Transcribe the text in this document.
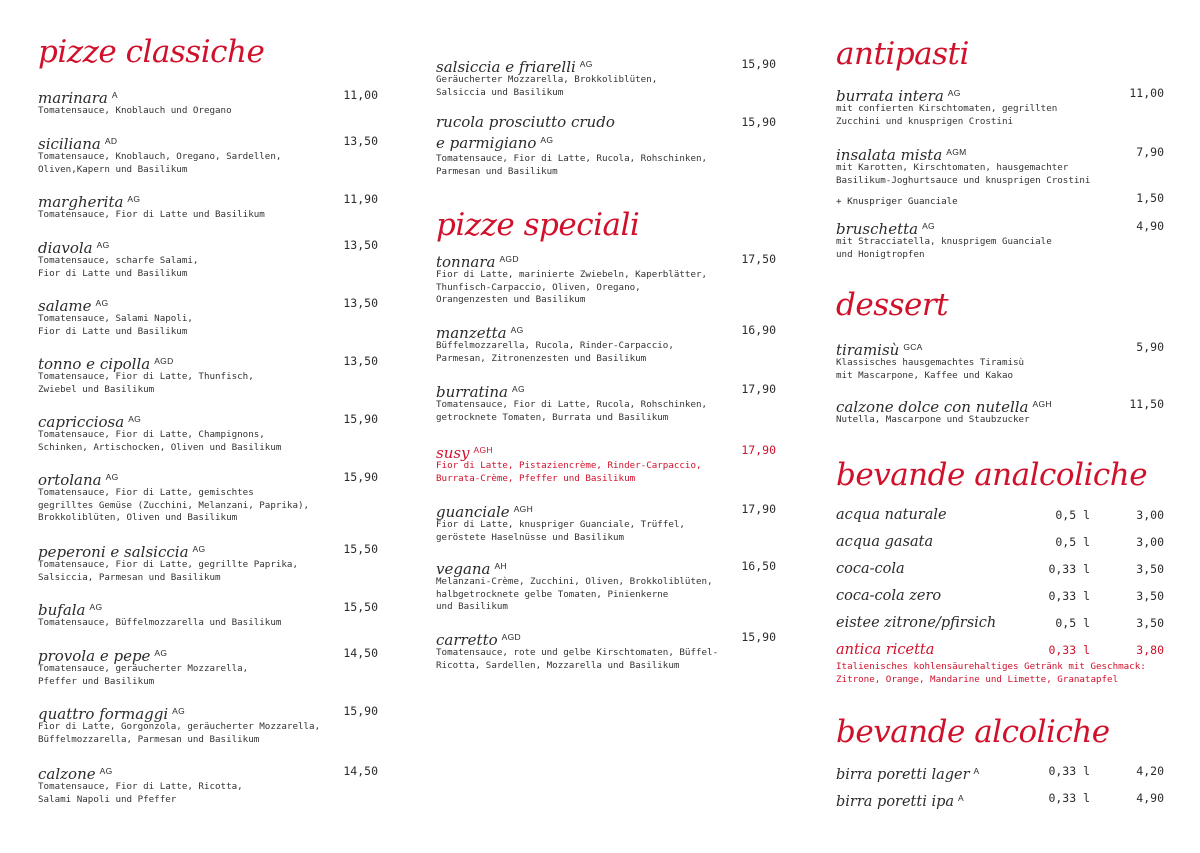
pizze classiche
marinara $^A$	11,00
Tomatensauce, Knoblauch und Oregano
siciliana $^{AD}$	13,50
Tomatensauce, Knoblauch, Oregano, Sardellen,
Oliven,Kapern und Basilikum
margherita $^{AG}$	11,90
Tomatensauce, Fior di Latte und Basilikum
diavola $^{AG}$	13,50
Tomatensauce, scharfe Salami,
Fior di Latte und Basilikum
salame $^{AG}$	13,50
Tomatensauce, Salami Napoli,
Fior di Latte und Basilikum
tonno e cipolla $^{AGD}$	13,50
Tomatensauce, Fior di Latte, Thunfisch,
Zwiebel und Basilikum
capricciosa $^{AG}$	15,90
Tomatensauce, Fior di Latte, Champignons,
Schinken, Artischocken, Oliven und Basilikum
ortolana $^{AG}$	15,90
Tomatensauce, Fior di Latte, gemischtes
gegrilltes Gemüse (Zucchini, Melanzani, Paprika),
Brokkoliblüten, Oliven und Basilikum
peperoni e salsiccia $^{AG}$	15,50
Tomatensauce, Fior di Latte, gegrillte Paprika,
Salsiccia, Parmesan und Basilikum
bufala $^{AG}$	15,50
Tomatensauce, Büffelmozzarella und Basilikum
provola e pepe $^{AG}$	14,50
Tomatensauce, geräucherter Mozzarella,
Pfeffer und Basilikum
quattro formaggi $^{AG}$	15,90
Fior di Latte, Gorgonzola, geräucherter Mozzarella,
Büffelmozzarella, Parmesan und Basilikum
calzone $^{AG}$	14,50
Tomatensauce, Fior di Latte, Ricotta,
Salami Napoli und Pfeffer
salsiccia e friarelli $^{AG}$	15,90
Geräucherter Mozzarella, Brokkoliblüten,
Salsiccia und Basilikum
rucola prosciutto crudo	15,90
e parmigiano $^{AG}$
Tomatensauce, Fior di Latte, Rucola, Rohschinken,
Parmesan und Basilikum
pizze speciali
tonnara $^{AGD}$	17,50
Fior di Latte, marinierte Zwiebeln, Kaperblätter,
Thunfisch-Carpaccio, Oliven, Oregano,
Orangenzesten und Basilikum
manzetta $^{AG}$	16,90
Büffelmozzarella, Rucola, Rinder-Carpaccio,
Parmesan, Zitronenzesten und Basilikum
burratina $^{AG}$	17,90
Tomatensauce, Fior di Latte, Rucola, Rohschinken,
getrocknete Tomaten, Burrata und Basilikum
susy $^{AGH}$	17,90
Fior di Latte, Pistaziencrème, Rinder-Carpaccio,
Burrata-Crème, Pfeffer und Basilikum
guanciale $^{AGH}$	17,90
Fior di Latte, knuspriger Guanciale, Trüffel,
geröstete Haselnüsse und Basilikum
vegana $^{AH}$	16,50
Melanzani-Crème, Zucchini, Oliven, Brokkoliblüten,
halbgetrocknete gelbe Tomaten, Pinienkerne
und Basilikum
carretto $^{AGD}$	15,90
Tomatensauce, rote und gelbe Kirschtomaten, Büffel-
Ricotta, Sardellen, Mozzarella und Basilikum
antipasti
burrata intera $^{AG}$	11,00
mit confierten Kirschtomaten, gegrillten
Zucchini und knusprigen Crostini
insalata mista $^{AGM}$	7,90
mit Karotten, Kirschtomaten, hausgemachter
Basilikum-Joghurtsauce und knusprigen Crostini
bruschetta $^{AG}$	4,90
mit Stracciatella, knusprigem Guanciale
und Honigtropfen
+ Knuspriger Guanciale	1,50
dessert
tiramisù $^{GCA}$	5,90
Klassisches hausgemachtes Tiramisù
mit Mascarpone, Kaffee und Kakao
calzone dolce con nutella $^{AGH}$	11,50
Nutella, Mascarpone und Staubzucker
bevande analcoliche
acqua naturale	0,5 l	3,00
acqua gasata	0,5 l	3,00
coca-cola	0,33 l	3,50
coca-cola zero	0,33 l	3,50
eistee zitrone/pfirsich	0,5 l	3,50
antica ricetta	0,33 l	3,80
Italienisches kohlensäurehaltiges Getränk mit Geschmack:
Zitrone, Orange, Mandarine und Limette, Granatapfel
bevande alcoliche
birra poretti lager $^A$	0,33 l	4,20
birra poretti ipa $^A$	0,33 l	4,90
